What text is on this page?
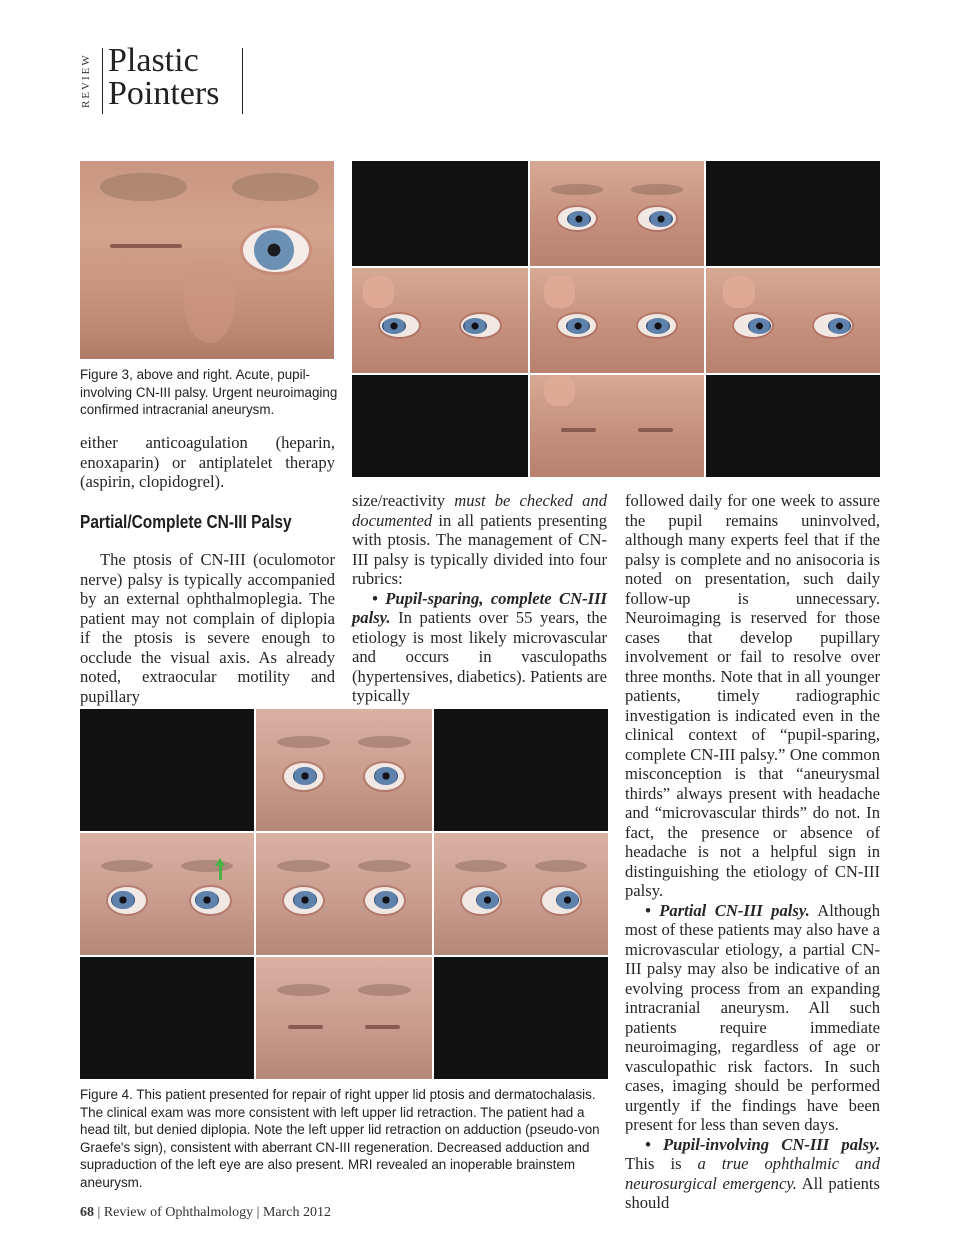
REVIEW Plastic
Pointers
Figure 3, above and right. Acute, pupil-involving CN-III palsy. Urgent neuroimaging confirmed intracranial aneurysm.

either anticoagulation (heparin, enoxaparin) or antiplatelet therapy (aspirin, clopidogrel).

Partial/Complete CN-III Palsy

The ptosis of CN-III (oculomotor nerve) palsy is typically accompanied by an external ophthalmoplegia. The patient may not complain of diplopia if the ptosis is severe enough to occlude the visual axis. As already noted, extraocular motility and pupillary

size/reactivity must be checked and documented in all patients presenting with ptosis. The management of CN-III palsy is typically divided into four rubrics:

• Pupil-sparing, complete CN-III palsy. In patients over 55 years, the etiology is most likely microvascular and occurs in vasculopaths (hypertensives, diabetics). Patients are typically

followed daily for one week to assure the pupil remains uninvolved, although many experts feel that if the palsy is complete and no anisocoria is noted on presentation, such daily follow-up is unnecessary. Neuroimaging is reserved for those cases that develop pupillary involvement or fail to resolve over three months. Note that in all younger patients, timely radiographic investigation is indicated even in the clinical context of “pupil-sparing, complete CN-III palsy.” One common misconception is that “aneurysmal thirds” always present with headache and “microvascular thirds” do not. In fact, the presence or absence of headache is not a helpful sign in distinguishing the etiology of CN-III palsy.

• Partial CN-III palsy. Although most of these patients may also have a microvascular etiology, a partial CN-III palsy may also be indicative of an evolving process from an expanding intracranial aneurysm. All such patients require immediate neuroimaging, regardless of age or vasculopathic risk factors. In such cases, imaging should be performed urgently if the findings have been present for less than seven days.

• Pupil-involving CN-III palsy. This is a true ophthalmic and neurosurgical emergency. All patients should

Figure 4. This patient presented for repair of right upper lid ptosis and dermatochalasis. The clinical exam was more consistent with left upper lid retraction. The patient had a head tilt, but denied diplopia. Note the left upper lid retraction on adduction (pseudo-von Graefe's sign), consistent with aberrant CN-III regeneration. Decreased adduction and supraduction of the left eye are also present. MRI revealed an inoperable brainstem aneurysm.
68 | Review of Ophthalmology | March 2012
